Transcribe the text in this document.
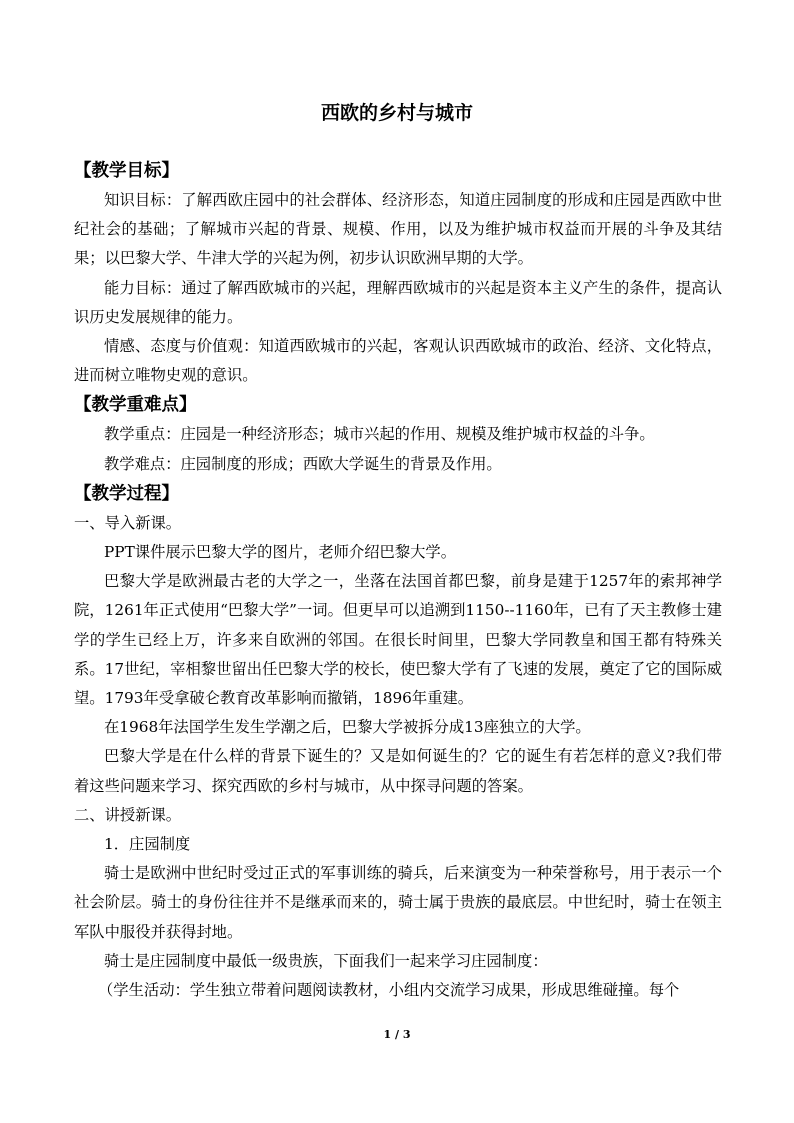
西欧的乡村与城市

【教学目标】

知识目标：了解西欧庄园中的社会群体、经济形态，知道庄园制度的形成和庄园是西欧中世纪社会的基础；了解城市兴起的背景、规模、作用，以及为维护城市权益而开展的斗争及其结果；以巴黎大学、牛津大学的兴起为例，初步认识欧洲早期的大学。

能力目标：通过了解西欧城市的兴起，理解西欧城市的兴起是资本主义产生的条件，提高认识历史发展规律的能力。

情感、态度与价值观：知道西欧城市的兴起，客观认识西欧城市的政治、经济、文化特点，进而树立唯物史观的意识。

【教学重难点】

教学重点：庄园是一种经济形态；城市兴起的作用、规模及维护城市权益的斗争。

教学难点：庄园制度的形成；西欧大学诞生的背景及作用。

【教学过程】

一、导入新课。

PPT课件展示巴黎大学的图片，老师介绍巴黎大学。

巴黎大学是欧洲最古老的大学之一，坐落在法国首都巴黎，前身是建于1257年的索邦神学院，1261年正式使用“巴黎大学”一词。但更早可以追溯到1150--1160年，已有了天主教修士建学的学生已经上万，许多来自欧洲的邻国。在很长时间里，巴黎大学同教皇和国王都有特殊关系。17世纪，宰相黎世留出任巴黎大学的校长，使巴黎大学有了飞速的发展，奠定了它的国际威望。1793年受拿破仑教育改革影响而撤销，1896年重建。

在1968年法国学生发生学潮之后，巴黎大学被拆分成13座独立的大学。

巴黎大学是在什么样的背景下诞生的？又是如何诞生的？它的诞生有若怎样的意义?我们带着这些问题来学习、探究西欧的乡村与城市，从中探寻问题的答案。

二、讲授新课。

1．庄园制度

骑士是欧洲中世纪时受过正式的军事训练的骑兵，后来演变为一种荣誉称号，用于表示一个社会阶层。骑士的身份往往并不是继承而来的，骑士属于贵族的最底层。中世纪时，骑士在领主军队中服役并获得封地。

骑士是庄园制度中最低一级贵族，下面我们一起来学习庄园制度：

（学生活动：学生独立带着问题阅读教材，小组内交流学习成果，形成思维碰撞。每个

1 / 3
